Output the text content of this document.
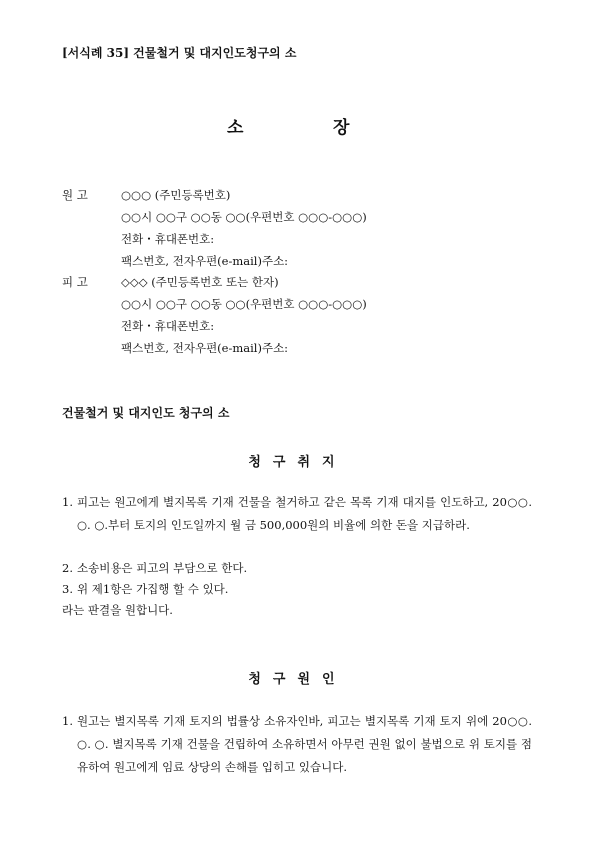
[서식례 35] 건물철거 및 대지인도청구의 소
소	장
원 고	○○○ (주민등록번호)
○○시 ○○구 ○○동 ○○(우편번호 ○○○-○○○)
전화・휴대폰번호:
팩스번호, 전자우편(e-mail)주소:
피 고	◇◇◇ (주민등록번호 또는 한자)
○○시 ○○구 ○○동 ○○(우편번호 ○○○-○○○)
전화・휴대폰번호:
팩스번호, 전자우편(e-mail)주소:
건물철거 및 대지인도 청구의 소
청구취지
1. 피고는 원고에게 별지목록 기재 건물을 철거하고 같은 목록 기재 대지를 인도하고, 20○○. ○. ○.부터 토지의 인도일까지 월 금 500,000원의 비율에 의한 돈을 지급하라.
2. 소송비용은 피고의 부담으로 한다.
3. 위 제1항은 가집행 할 수 있다.
라는 판결을 원합니다.
청구원인
1. 원고는 별지목록 기재 토지의 법률상 소유자인바, 피고는 별지목록 기재 토지 위에 20○○. ○. ○. 별지목록 기재 건물을 건립하여 소유하면서 아무런 권원 없이 불법으로 위 토지를 점유하여 원고에게 임료 상당의 손해를 입히고 있습니다.
